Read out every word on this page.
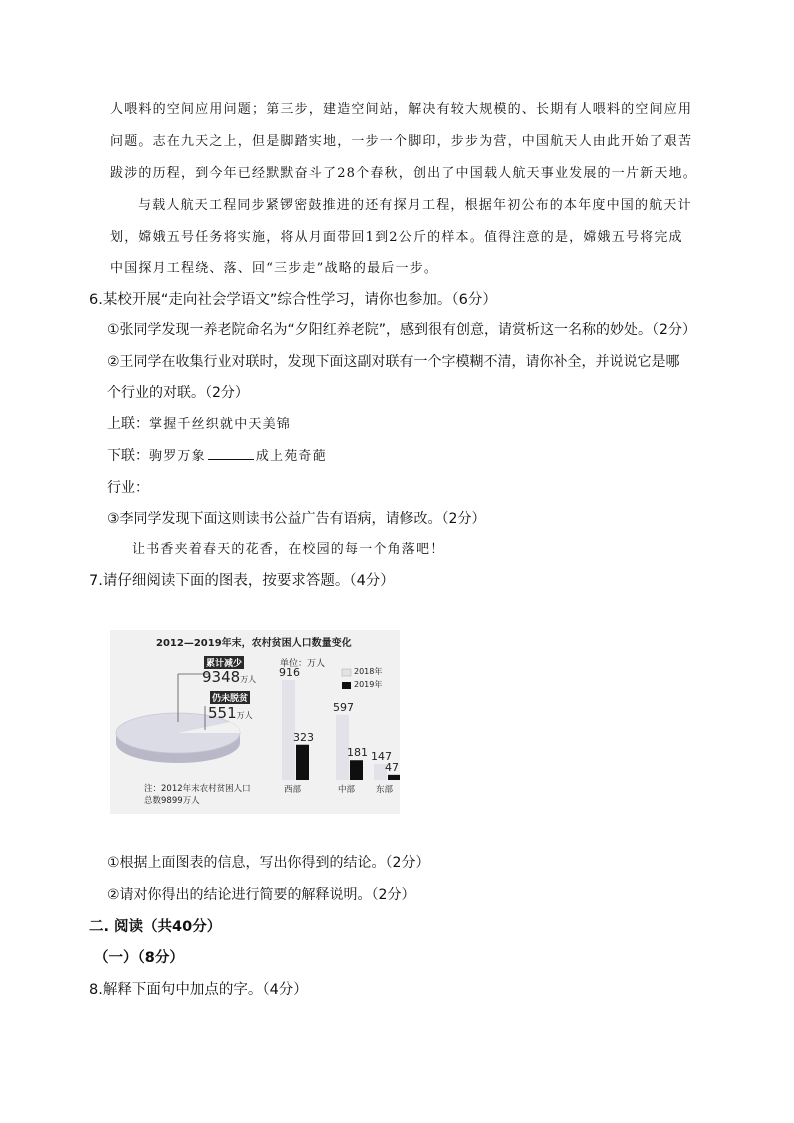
人喂料的空间应用问题；第三步，建造空间站，解决有较大规模的、长期有人喂料的空间应用
问题。志在九天之上，但是脚踏实地，一步一个脚印，步步为营，中国航天人由此开始了艰苦
跋涉的历程，到今年已经默默奋斗了28个春秋，创出了中国载人航天事业发展的一片新天地。
与载人航天工程同步紧锣密鼓推进的还有探月工程，根据年初公布的本年度中国的航天计
划，嫦娥五号任务将实施，将从月面带回1到2公斤的样本。值得注意的是，嫦娥五号将完成
中国探月工程绕、落、回“三步走”战略的最后一步。
6.某校开展“走向社会学语文”综合性学习，请你也参加。（6分）
①张同学发现一养老院命名为“夕阳红养老院”，感到很有创意，请赏析这一名称的妙处。（2分）
②王同学在收集行业对联时，发现下面这副对联有一个字模糊不清，请你补全，并说说它是哪
个行业的对联。（2分）
上联：掌握千丝织就中天美锦
下联：驹罗万象	成上苑奇葩
行业：
③李同学发现下面这则读书公益广告有语病，请修改。（2分）
让书香夹着春天的花香，在校园的每一个角落吧！
7.请仔细阅读下面的图表，按要求答题。（4分）
2012—2019年末，农村贫困人口数量变化
累计减少
9348万人
仍未脱贫
551万人
单位：万人
2018年
2019年
注：2012年末农村贫困人口
总数9899万人
916
323
西部
597
181
中部
147
47
东部
①根据上面图表的信息，写出你得到的结论。（2分）
②请对你得出的结论进行简要的解释说明。（2分）
二. 阅读（共40分）
（一）（8分）
8.解释下面句中加点的字。（4分）
